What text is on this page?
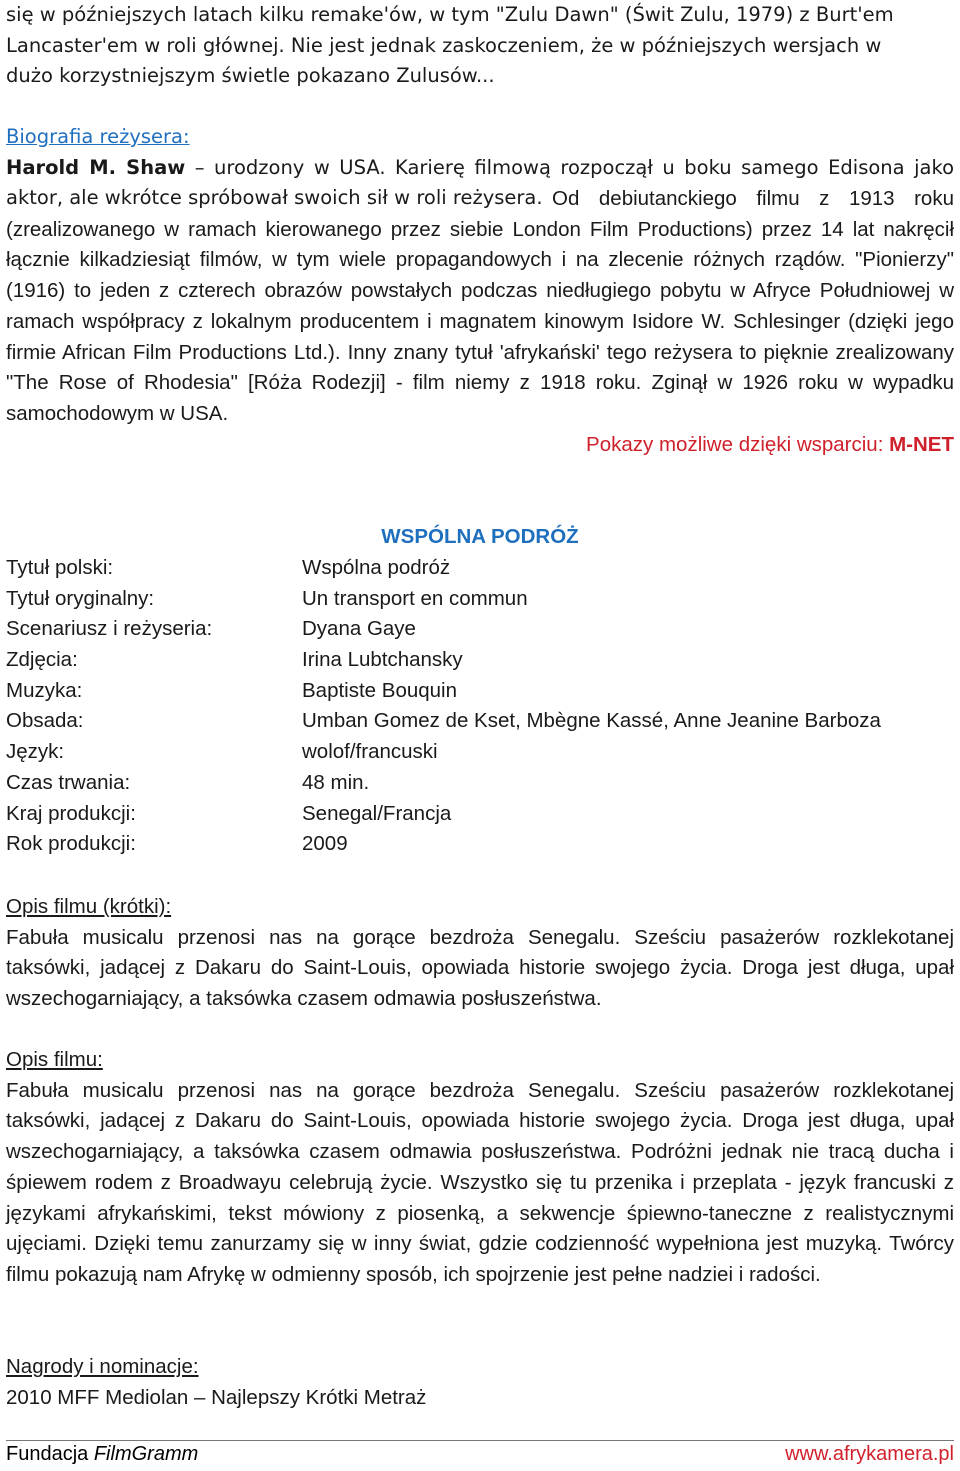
się w późniejszych latach kilku remake'ów, w tym "Zulu Dawn" (Świt Zulu, 1979) z Burt'em

Lancaster'em w roli głównej. Nie jest jednak zaskoczeniem, że w późniejszych wersjach w

dużo korzystniejszym świetle pokazano Zulusów...

Biografia reżysera:

Harold M. Shaw – urodzony w USA. Karierę filmową rozpoczął u boku samego Edisona jako aktor, ale wkrótce spróbował swoich sił w roli reżysera. Od debiutanckiego filmu z 1913 roku (zrealizowanego w ramach kierowanego przez siebie London Film Productions) przez 14 lat nakręcił łącznie kilkadziesiąt filmów, w tym wiele propagandowych i na zlecenie różnych rządów. "Pionierzy" (1916) to jeden z czterech obrazów powstałych podczas niedługiego pobytu w Afryce Południowej w ramach współpracy z lokalnym producentem i magnatem kinowym Isidore W. Schlesinger (dzięki jego firmie African Film Productions Ltd.). Inny znany tytuł 'afrykański' tego reżysera to pięknie zrealizowany "The Rose of Rhodesia" [Róża Rodezji] - film niemy z 1918 roku. Zginął w 1926 roku w wypadku samochodowym w USA.

Pokazy możliwe dzięki wsparciu: M-NET
WSPÓLNA PODRÓŻ
Tytuł polski:	Wspólna podróż
Tytuł oryginalny:	Un transport en commun
Scenariusz i reżyseria:	Dyana Gaye
Zdjęcia:	Irina Lubtchansky
Muzyka:	Baptiste Bouquin
Obsada:	Umban Gomez de Kset, Mbègne Kassé, Anne Jeanine Barboza
Język:	wolof/francuski
Czas trwania:	48 min.
Kraj produkcji:	Senegal/Francja
Rok produkcji:	2009

Opis filmu (krótki):

Fabuła musicalu przenosi nas na gorące bezdroża Senegalu. Sześciu pasażerów rozklekotanej taksówki, jadącej z Dakaru do Saint-Louis, opowiada historie swojego życia. Droga jest długa, upał wszechogarniający, a taksówka czasem odmawia posłuszeństwa.

Opis filmu:

Fabuła musicalu przenosi nas na gorące bezdroża Senegalu. Sześciu pasażerów rozklekotanej taksówki, jadącej z Dakaru do Saint-Louis, opowiada historie swojego życia. Droga jest długa, upał wszechogarniający, a taksówka czasem odmawia posłuszeństwa. Podróżni jednak nie tracą ducha i śpiewem rodem z Broadwayu celebrują życie. Wszystko się tu przenika i przeplata - język francuski z językami afrykańskimi, tekst mówiony z piosenką, a sekwencje śpiewno-taneczne z realistycznymi ujęciami. Dzięki temu zanurzamy się w inny świat, gdzie codzienność wypełniona jest muzyką. Twórcy filmu pokazują nam Afrykę w odmienny sposób, ich spojrzenie jest pełne nadziei i radości.

Nagrody i nominacje:

2010 MFF Mediolan – Najlepszy Krótki Metraż

Fundacja FilmGramm	www.afrykamera.pl
